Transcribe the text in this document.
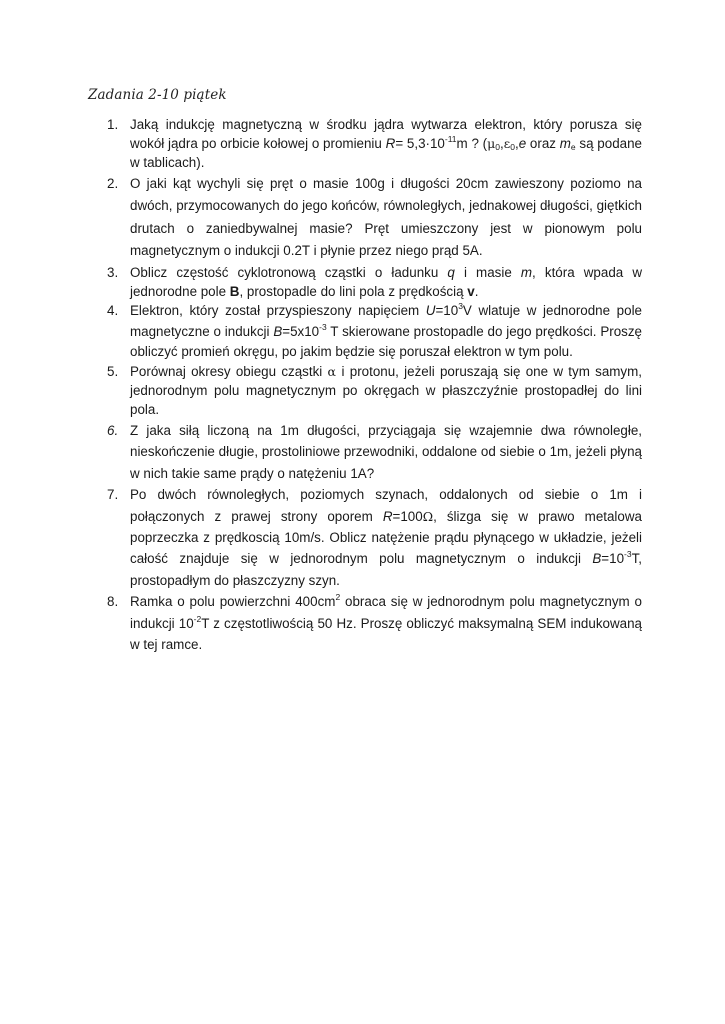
Zadania 2-10 piątek
1. Jaką indukcję magnetyczną w środku jądra wytwarza elektron, który porusza się wokół jądra po orbicie kołowej o promieniu $R= 5,3\cdot 10^{-11}m$ ? ($\mu_0,\varepsilon_0,e$ oraz $m_e$ są podane w tablicach).
2. O jaki kąt wychyli się pręt o masie 100g i długości 20cm zawieszony poziomo na dwóch, przymocowanych do jego końców, równoległych, jednakowej długości, giętkich drutach o zaniedbywalnej masie? Pręt umieszczony jest w pionowym polu magnetycznym o indukcji 0.2T i płynie przez niego prąd 5A.
3. Oblicz częstość cyklotronową cząstki o ładunku q i masie m, która wpada w jednorodne pole B, prostopadle do lini pola z prędkością v.
4. Elektron, który został przyspieszony napięciem $U=10^3V$ wlatuje w jednorodne pole magnetyczne o indukcji $B=5x10^{-3}$ T skierowane prostopadle do jego prędkości. Proszę obliczyć promień okręgu, po jakim będzie się poruszał elektron w tym polu.
5. Porównaj okresy obiegu cząstki α i protonu, jeżeli poruszają się one w tym samym, jednorodnym polu magnetycznym po okręgach w płaszczyźnie prostopadłej do lini pola.
6. Z jaka siłą liczoną na 1m długości, przyciągaja się wzajemnie dwa równoległe, nieskończenie długie, prostoliniowe przewodniki, oddalone od siebie o 1m, jeżeli płyną w nich takie same prądy o natężeniu 1A?
7. Po dwóch równoległych, poziomych szynach, oddalonych od siebie o 1m i połączonych z prawej strony oporem R=100Ω, ślizga się w prawo metalowa poprzeczka z prędkoscią 10m/s. Oblicz natężenie prądu płynącego w układzie, jeżeli całość znajduje się w jednorodnym polu magnetycznym o indukcji $B=10^{-3}T$, prostopadłym do płaszczyzny szyn.
8. Ramka o polu powierzchni $400cm^2$ obraca się w jednorodnym polu magnetycznym o indukcji $10^{-2}T$ z częstotliwością 50 Hz. Proszę obliczyć maksymalną SEM indukowaną w tej ramce.
